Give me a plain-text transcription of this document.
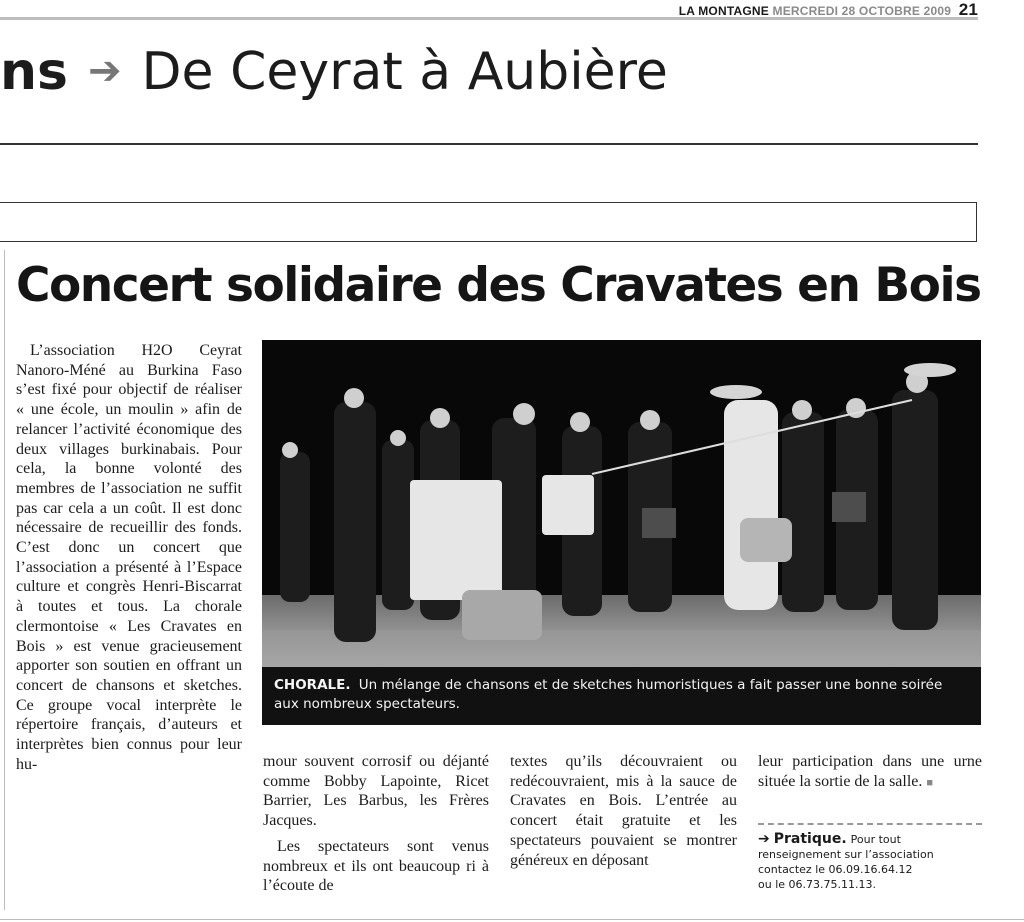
LA MONTAGNE MERCREDI 28 OCTOBRE 2009 21
ns ➔ De Ceyrat à Aubière
Concert solidaire des Cravates en Bois

L’association H2O Ceyrat Nanoro-Méné au Burkina Faso s’est fixé pour objectif de réaliser « une école, un moulin » afin de relancer l’activité économique des deux villages burkinabais. Pour cela, la bonne volonté des membres de l’association ne suffit pas car cela a un coût. Il est donc nécessaire de recueillir des fonds. C’est donc un concert que l’association a présenté à l’Espace culture et congrès Henri-Biscarrat à toutes et tous. La chorale clermontoise « Les Cravates en Bois » est venue gracieusement apporter son soutien en offrant un concert de chansons et sketches. Ce groupe vocal interprète le répertoire français, d’auteurs et interprètes bien connus pour leur hu-

CHORALE. Un mélange de chansons et de sketches humoristiques a fait passer une bonne soirée aux nombreux spectateurs.

mour souvent corrosif ou déjanté comme Bobby Lapointe, Ricet Barrier, Les Barbus, les Frères Jacques.

Les spectateurs sont venus nombreux et ils ont beaucoup ri à l’écoute de

textes qu’ils découvraient ou redécouvraient, mis à la sauce de Cravates en Bois. L’entrée au concert était gratuite et les spectateurs pouvaient se montrer généreux en déposant

leur participation dans une urne située la sortie de la salle. ■

➔ Pratique. Pour tout
renseignement sur l’association
contactez le 06.09.16.64.12
ou le 06.73.75.11.13.
